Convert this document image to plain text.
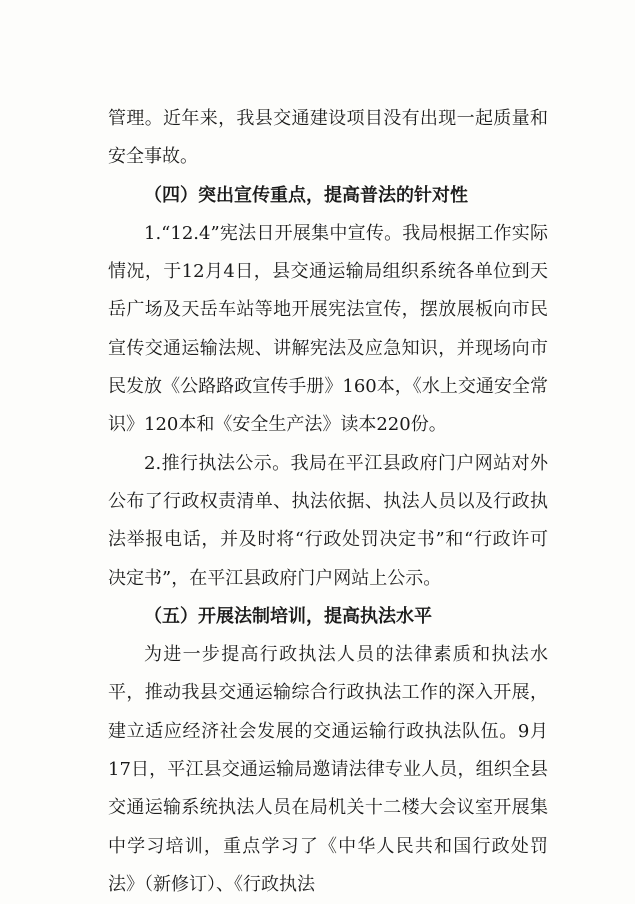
管理。近年来，我县交通建设项目没有出现一起质量和安全事故。

（四）突出宣传重点，提高普法的针对性

1.“12.4”宪法日开展集中宣传。我局根据工作实际情况，于12月4日，县交通运输局组织系统各单位到天岳广场及天岳车站等地开展宪法宣传，摆放展板向市民宣传交通运输法规、讲解宪法及应急知识，并现场向市民发放《公路路政宣传手册》160本，《水上交通安全常识》120本和《安全生产法》读本220份。

2.推行执法公示。我局在平江县政府门户网站对外公布了行政权责清单、执法依据、执法人员以及行政执法举报电话，并及时将“行政处罚决定书”和“行政许可决定书”，在平江县政府门户网站上公示。

（五）开展法制培训，提高执法水平

为进一步提高行政执法人员的法律素质和执法水平，推动我县交通运输综合行政执法工作的深入开展，建立适应经济社会发展的交通运输行政执法队伍。9月17日，平江县交通运输局邀请法律专业人员，组织全县交通运输系统执法人员在局机关十二楼大会议室开展集中学习培训，重点学习了《中华人民共和国行政处罚法》（新修订）、《行政执法
